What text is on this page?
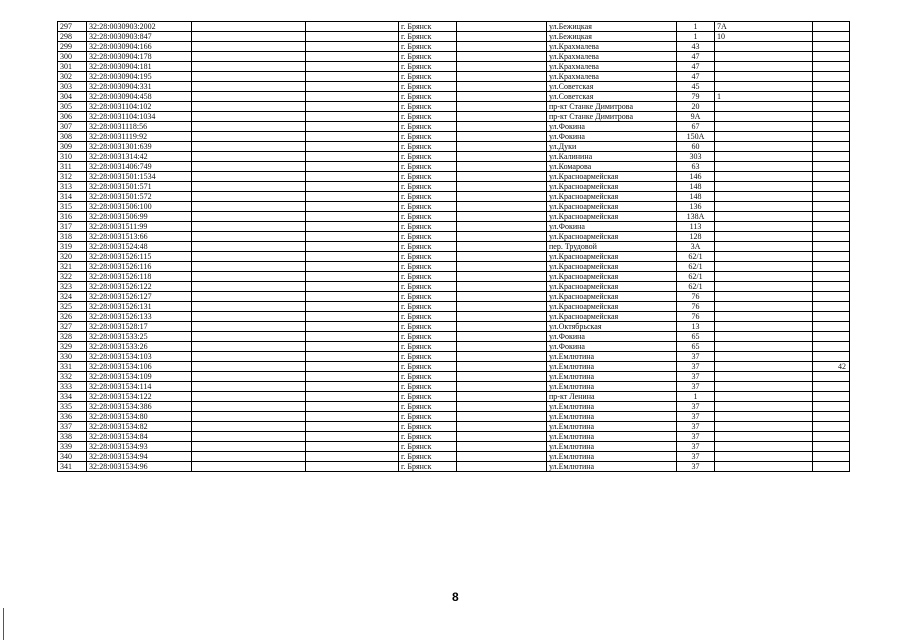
297	32:28:0030903:2002			г. Брянск		ул.Бежицкая	1	7А	
298	32:28:0030903:847			г. Брянск		ул.Бежицкая	1	10	
299	32:28:0030904:166			г. Брянск		ул.Крахмалева	43		
300	32:28:0030904:178			г. Брянск		ул.Крахмалева	47		
301	32:28:0030904:181			г. Брянск		ул.Крахмалева	47		
302	32:28:0030904:195			г. Брянск		ул.Крахмалева	47		
303	32:28:0030904:331			г. Брянск		ул.Советская	45		
304	32:28:0030904:458			г. Брянск		ул.Советская	79	1	
305	32:28:0031104:102			г. Брянск		пр-кт Станке Димитрова	20		
306	32:28:0031104:1034			г. Брянск		пр-кт Станке Димитрова	9А		
307	32:28:0031118:56			г. Брянск		ул.Фокина	67		
308	32:28:0031119:92			г. Брянск		ул.Фокина	150А		
309	32:28:0031301:639			г. Брянск		ул.Дуки	60		
310	32:28:0031314:42			г. Брянск		ул.Калинина	303		
311	32:28:0031406:749			г. Брянск		ул.Комарова	63		
312	32:28:0031501:1534			г. Брянск		ул.Красноармейская	146		
313	32:28:0031501:571			г. Брянск		ул.Красноармейская	148		
314	32:28:0031501:572			г. Брянск		ул.Красноармейская	148		
315	32:28:0031506:100			г. Брянск		ул.Красноармейская	136		
316	32:28:0031506:99			г. Брянск		ул.Красноармейская	138А		
317	32:28:0031511:99			г. Брянск		ул.Фокина	113		
318	32:28:0031513:66			г. Брянск		ул.Красноармейская	128		
319	32:28:0031524:48			г. Брянск		пер. Трудовой	3А		
320	32:28:0031526:115			г. Брянск		ул.Красноармейская	62/1		
321	32:28:0031526:116			г. Брянск		ул.Красноармейская	62/1		
322	32:28:0031526:118			г. Брянск		ул.Красноармейская	62/1		
323	32:28:0031526:122			г. Брянск		ул.Красноармейская	62/1		
324	32:28:0031526:127			г. Брянск		ул.Красноармейская	76		
325	32:28:0031526:131			г. Брянск		ул.Красноармейская	76		
326	32:28:0031526:133			г. Брянск		ул.Красноармейская	76		
327	32:28:0031528:17			г. Брянск		ул.Октябрьская	13		
328	32:28:0031533:25			г. Брянск		ул.Фокина	65		
329	32:28:0031533:26			г. Брянск		ул.Фокина	65		
330	32:28:0031534:103			г. Брянск		ул.Емлютина	37		
331	32:28:0031534:106			г. Брянск		ул.Емлютина	37		42
332	32:28:0031534:109			г. Брянск		ул.Емлютина	37		
333	32:28:0031534:114			г. Брянск		ул.Емлютина	37		
334	32:28:0031534:122			г. Брянск		пр-кт Ленина	1		
335	32:28:0031534:386			г. Брянск		ул.Емлютина	37		
336	32:28:0031534:80			г. Брянск		ул.Емлютина	37		
337	32:28:0031534:82			г. Брянск		ул.Емлютина	37		
338	32:28:0031534:84			г. Брянск		ул.Емлютина	37		
339	32:28:0031534:93			г. Брянск		ул.Емлютина	37		
340	32:28:0031534:94			г. Брянск		ул.Емлютина	37		
341	32:28:0031534:96			г. Брянск		ул.Емлютина	37		
8
